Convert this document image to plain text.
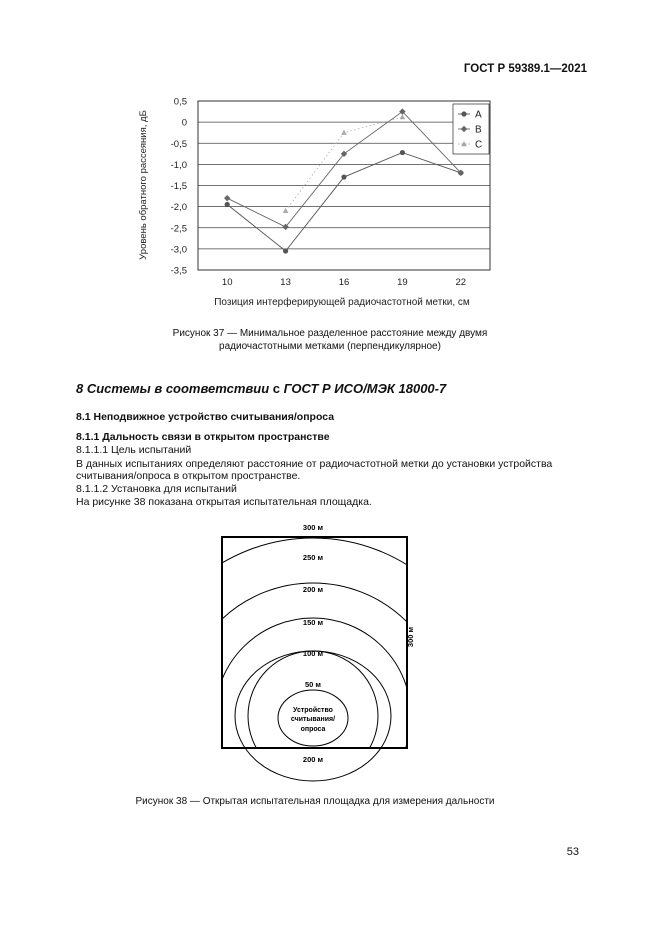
ГОСТ Р 59389.1—2021
0,5
0
-0,5
-1,0
-1,5
-2,0
-2,5
-3,0
-3,5
10	13	16	19	22
Уровень обратного рассеяния, дБ
Позиция интерферирующей радиочастотной метки, см
A
B
C
Рисунок 37 — Минимальное разделенное расстояние между двумя
радиочастотными метками (перпендикулярное)
8 Системы в соответствии с ГОСТ Р ИСО/МЭК 18000-7
8.1 Неподвижное устройство считывания/опроса
8.1.1 Дальность связи в открытом пространстве
8.1.1.1 Цель испытаний
В данных испытаниях определяют расстояние от радиочастотной метки до установки устройства
считывания/опроса в открытом пространстве.
8.1.1.2 Установка для испытаний
На рисунке 38 показана открытая испытательная площадка.
300 м
250 м
200 м
150 м
100 м
50 м
300 м
200 м
Устройство
считывания/
опроса
Рисунок 38 — Открытая испытательная площадка для измерения дальности
53
